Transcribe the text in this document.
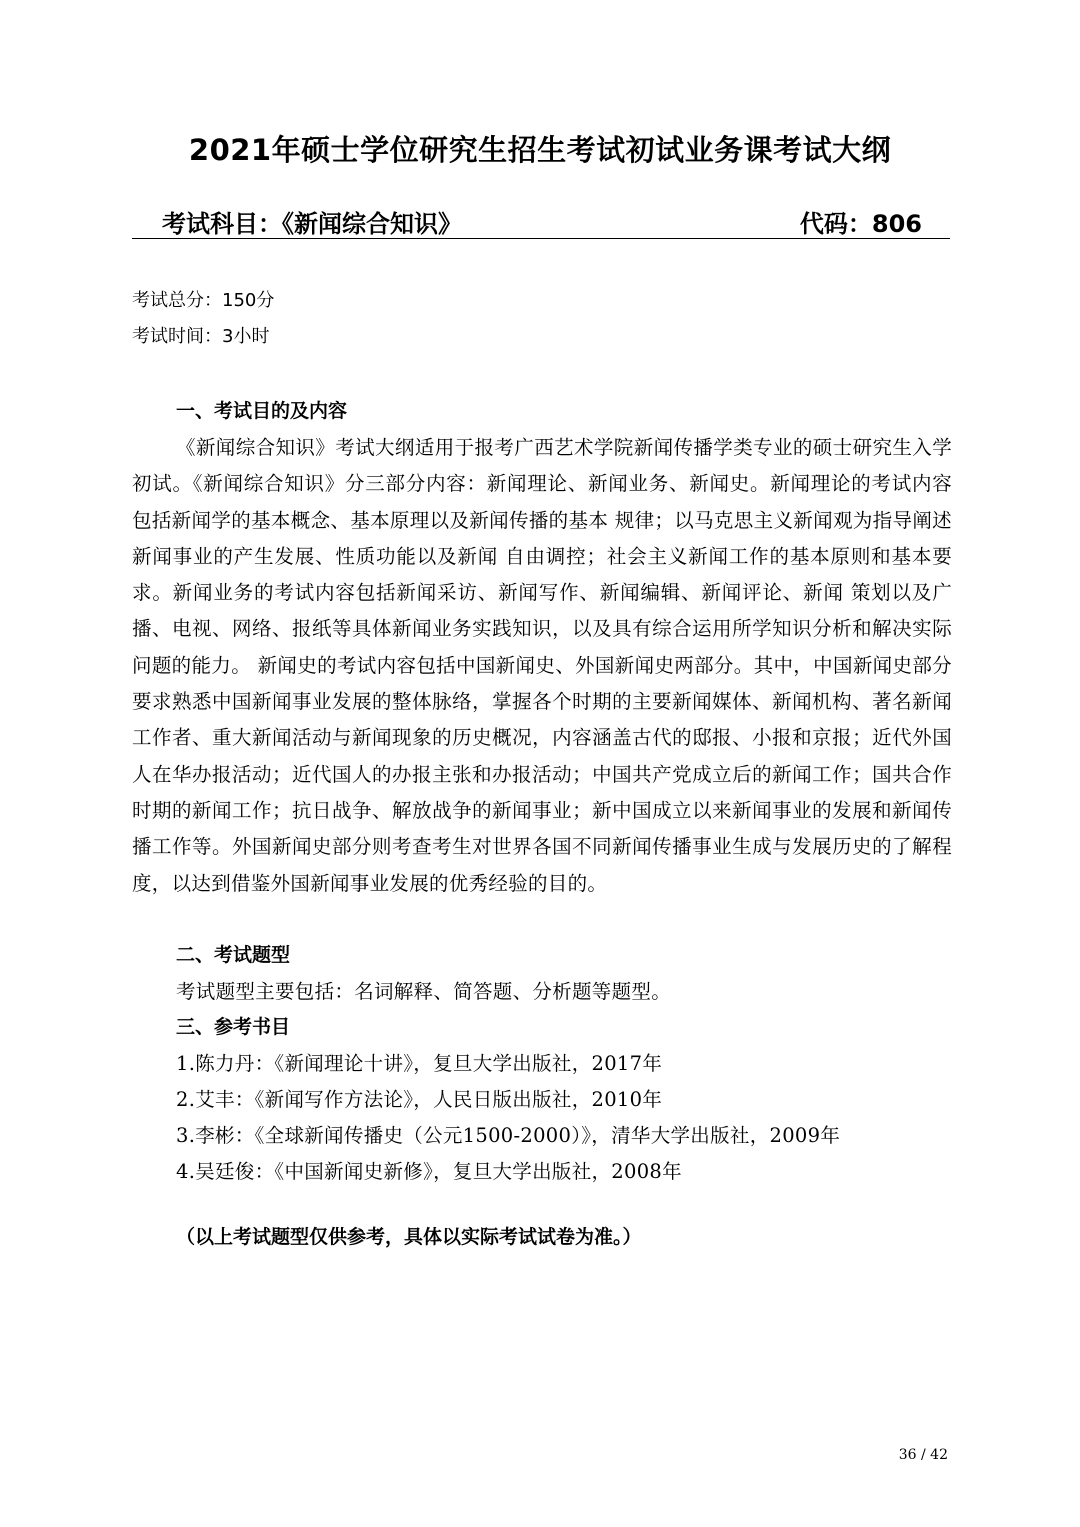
2021年硕士学位研究生招生考试初试业务课考试大纲
考试科目：《新闻综合知识》	代码：806
考试总分：150分
考试时间：3小时
一、考试目的及内容

《新闻综合知识》考试大纲适用于报考广西艺术学院新闻传播学类专业的硕士研究生入学初试。《新闻综合知识》分三部分内容：新闻理论、新闻业务、新闻史。新闻理论的考试内容包括新闻学的基本概念、基本原理以及新闻传播的基本 规律；以马克思主义新闻观为指导阐述新闻事业的产生发展、性质功能以及新闻 自由调控；社会主义新闻工作的基本原则和基本要求。新闻业务的考试内容包括新闻采访、新闻写作、新闻编辑、新闻评论、新闻 策划以及广播、电视、网络、报纸等具体新闻业务实践知识，以及具有综合运用所学知识分析和解决实际问题的能力。 新闻史的考试内容包括中国新闻史、外国新闻史两部分。其中，中国新闻史部分要求熟悉中国新闻事业发展的整体脉络，掌握各个时期的主要新闻媒体、新闻机构、著名新闻工作者、重大新闻活动与新闻现象的历史概况，内容涵盖古代的邸报、小报和京报；近代外国人在华办报活动；近代国人的办报主张和办报活动；中国共产党成立后的新闻工作；国共合作时期的新闻工作；抗日战争、解放战争的新闻事业；新中国成立以来新闻事业的发展和新闻传播工作等。外国新闻史部分则考查考生对世界各国不同新闻传播事业生成与发展历史的了解程度，以达到借鉴外国新闻事业发展的优秀经验的目的。

二、考试题型
考试题型主要包括：名词解释、简答题、分析题等题型。
三、参考书目
1.陈力丹：《新闻理论十讲》，复旦大学出版社，2017年
2.艾丰：《新闻写作方法论》，人民日版出版社，2010年
3.李彬：《全球新闻传播史（公元1500-2000）》，清华大学出版社，2009年
4.吴廷俊：《中国新闻史新修》，复旦大学出版社，2008年
（以上考试题型仅供参考，具体以实际考试试卷为准。）
36 / 42
